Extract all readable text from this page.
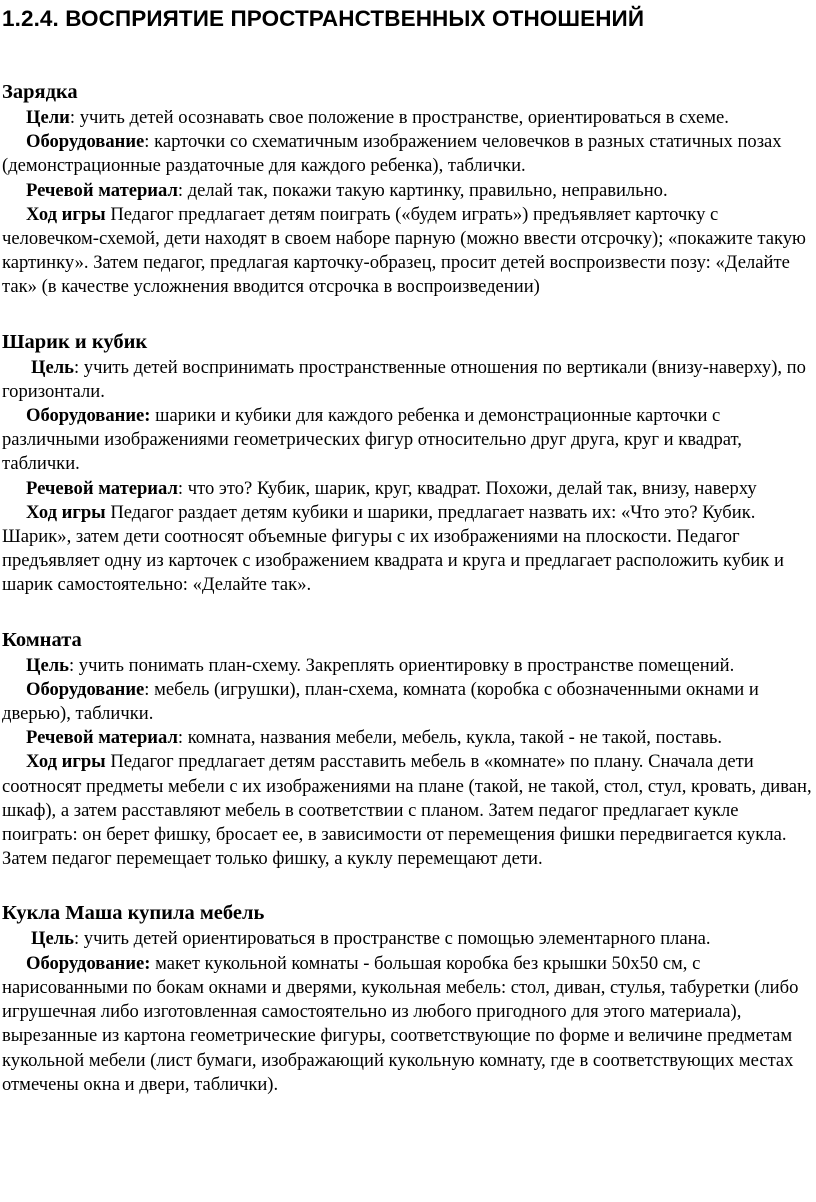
1.2.4. ВОСПРИЯТИЕ ПРОСТРАНСТВЕННЫХ ОТНОШЕНИЙ
Зарядка

Цели: учить детей осознавать свое положение в пространстве, ориентироваться в схеме.

Оборудование: карточки со схематичным изображением человечков в разных статичных позах (демонстрационные раздаточные для каждого ребенка), таблички.

Речевой материал: делай так, покажи такую картинку, правильно, неправильно.

Ход игры Педагог предлагает детям поиграть («будем играть») предъявляет карточку с человечком-схемой, дети находят в своем наборе парную (можно ввести отсрочку); «покажите такую картинку». Затем педагог, предлагая карточку-образец, просит детей воспроизвести позу: «Делайте так» (в качестве усложнения вводится отсрочка в воспроизведении)

Шарик и кубик

Цель: учить детей воспринимать пространственные отношения по вертикали (внизу-наверху), по горизонтали.

Оборудование: шарики и кубики для каждого ребенка и демонстрационные карточки с различными изображениями геометрических фигур относительно друг друга, круг и квадрат, таблички.

Речевой материал: что это? Кубик, шарик, круг, квадрат. Похожи, делай так, внизу, наверху

Ход игры Педагог раздает детям кубики и шарики, предлагает назвать их: «Что это? Кубик. Шарик», затем дети соотносят объемные фигуры с их изображениями на плоскости. Педагог предъявляет одну из карточек с изображением квадрата и круга и предлагает расположить кубик и шарик самостоятельно: «Делайте так».

Комната

Цель: учить понимать план-схему. Закреплять ориентировку в пространстве помещений.

Оборудование: мебель (игрушки), план-схема, комната (коробка с обозначенными окнами и дверью), таблички.

Речевой материал: комната, названия мебели, мебель, кукла, такой - не такой, поставь.

Ход игры Педагог предлагает детям расставить мебель в «комнате» по плану. Сначала дети соотносят предметы мебели с их изображениями на плане (такой, не такой, стол, стул, кровать, диван, шкаф), а затем расставляют мебель в соответствии с планом. Затем педагог предлагает кукле поиграть: он берет фишку, бросает ее, в зависимости от перемещения фишки передвигается кукла. Затем педагог перемещает только фишку, а куклу перемещают дети.

Кукла Маша купила мебель

Цель: учить детей ориентироваться в пространстве с помощью элементарного плана.

Оборудование: макет кукольной комнаты - большая коробка без крышки 50x50 см, с нарисованными по бокам окнами и дверями, кукольная мебель: стол, диван, стулья, табуретки (либо игрушечная либо изготовленная самостоятельно из любого пригодного для этого материала), вырезанные из картона геометрические фигуры, соответствующие по форме и величине предметам кукольной мебели (лист бумаги, изображающий кукольную комнату, где в соответствующих местах отмечены окна и двери, таблички).
